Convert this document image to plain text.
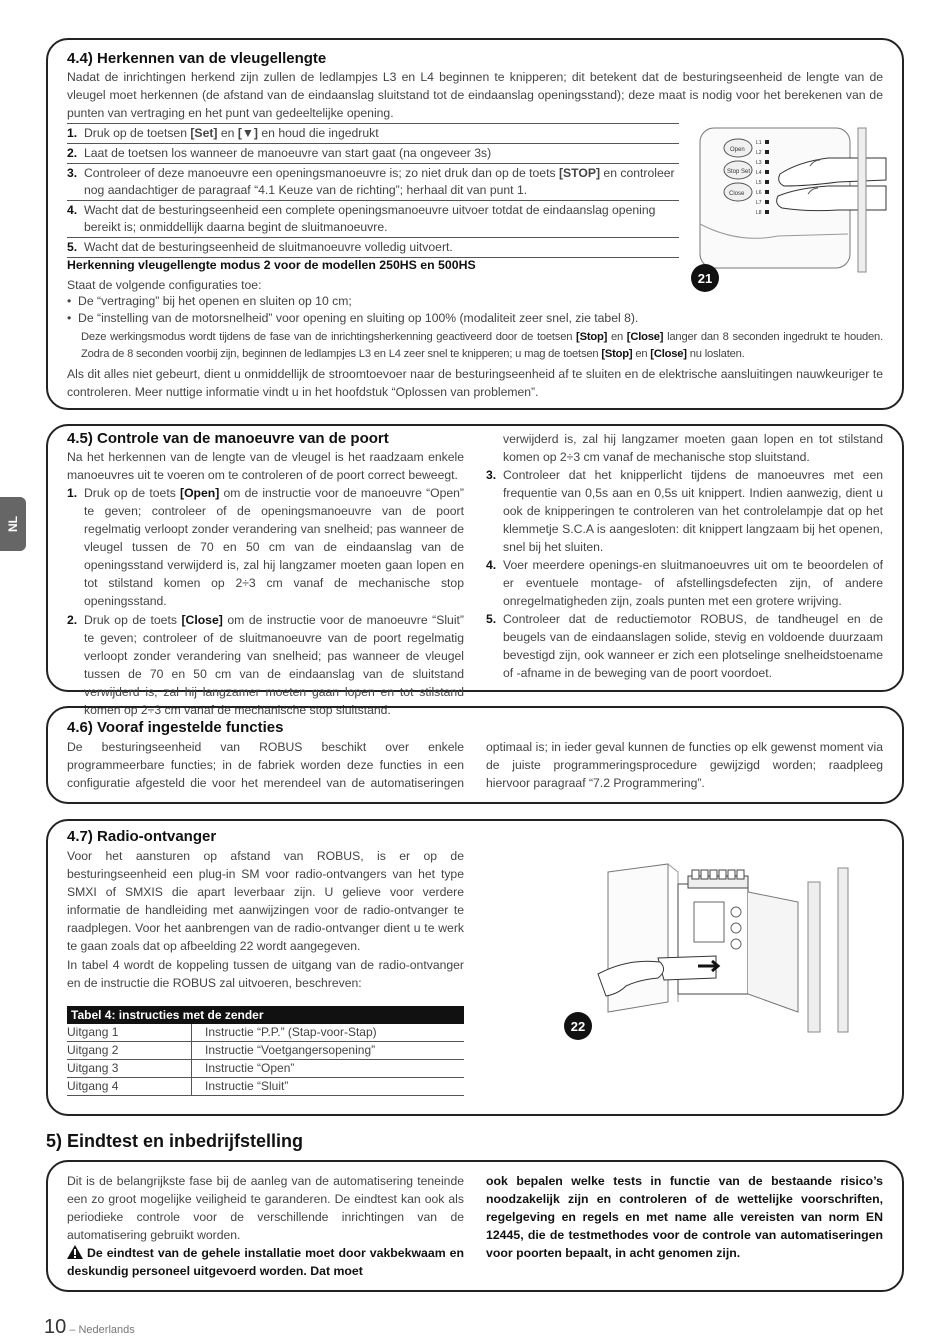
NL
4.4) Herkennen van de vleugellengte
Nadat de inrichtingen herkend zijn zullen de ledlampjes L3 en L4 beginnen te knipperen; dit betekent dat de besturingseenheid de lengte van de vleugel moet herkennen (de afstand van de eindaanslag sluitstand tot de eindaanslag openingsstand); deze maat is nodig voor het berekenen van de punten van vertraging en het punt van gedeeltelijke opening.
1. Druk op de toetsen [Set] en [▼] en houd die ingedrukt
2. Laat de toetsen los wanneer de manoeuvre van start gaat (na ongeveer 3s)
3. Controleer of deze manoeuvre een openingsmanoeuvre is; zo niet druk dan op de toets [STOP] en controleer nog aandachtiger de paragraaf “4.1 Keuze van de richting”; herhaal dit van punt 1.
4. Wacht dat de besturingseenheid een complete openingsmanoeuvre uitvoer totdat de eindaanslag opening bereikt is; onmiddellijk daarna begint de sluitmanoeuvre.
5. Wacht dat de besturingseenheid de sluitmanoeuvre volledig uitvoert.
Open
Stop Set
Close
L1
L2
L3
L4
L5
L6
L7
L8
21
Herkenning vleugellengte modus 2 voor de modellen 250HS en 500HS
Staat de volgende configuraties toe:
•  De “vertraging” bij het openen en sluiten op 10 cm;
•  De “instelling van de motorsnelheid” voor opening en sluiting op 100% (modaliteit zeer snel, zie tabel 8).
Deze werkingsmodus wordt tijdens de fase van de inrichtingsherkenning geactiveerd door de toetsen [Stop] en [Close] langer dan 8 seconden ingedrukt te houden. Zodra de 8 seconden voorbij zijn, beginnen de ledlampjes L3 en L4 zeer snel te knipperen; u mag de toetsen [Stop] en [Close] nu loslaten.
Als dit alles niet gebeurt, dient u onmiddellijk de stroomtoevoer naar de besturingseenheid af te sluiten en de elektrische aansluitingen nauwkeuriger te controleren. Meer nuttige informatie vindt u in het hoofdstuk “Oplossen van problemen”.
4.5) Controle van de manoeuvre van de poort
Na het herkennen van de lengte van de vleugel is het raadzaam enkele manoeuvres uit te voeren om te controleren of de poort correct beweegt.
1. Druk op de toets [Open] om de instructie voor de manoeuvre “Open” te geven; controleer of de openingsmanoeuvre van de poort regelmatig verloopt zonder verandering van snelheid; pas wanneer de vleugel tussen de 70 en 50 cm van de eindaanslag van de openingsstand verwijderd is, zal hij langzamer moeten gaan lopen en tot stilstand komen op 2÷3 cm vanaf de mechanische stop openingsstand.
2. Druk op de toets [Close] om de instructie voor de manoeuvre “Sluit” te geven; controleer of de sluitmanoeuvre van de poort regelmatig verloopt zonder verandering van snelheid; pas wanneer de vleugel tussen de 70 en 50 cm van de eindaanslag van de sluitstand verwijderd is, zal hij langzamer moeten gaan lopen en tot stilstand komen op 2÷3 cm vanaf de mechanische stop sluitstand.
verwijderd is, zal hij langzamer moeten gaan lopen en tot stilstand komen op 2÷3 cm vanaf de mechanische stop sluitstand.
3. Controleer dat het knipperlicht tijdens de manoeuvres met een frequentie van 0,5s aan en 0,5s uit knippert. Indien aanwezig, dient u ook de knipperingen te controleren van het controlelampje dat op het klemmetje S.C.A is aangesloten: dit knippert langzaam bij het openen, snel bij het sluiten.
4. Voer meerdere openings-en sluitmanoeuvres uit om te beoordelen of er eventuele montage- of afstellingsdefecten zijn, of andere onregelmatigheden zijn, zoals punten met een grotere wrijving.
5. Controleer dat de reductiemotor ROBUS, de tandheugel en de beugels van de eindaanslagen solide, stevig en voldoende duurzaam bevestigd zijn, ook wanneer er zich een plotselinge snelheidstoename of -afname in de beweging van de poort voordoet.
4.6) Vooraf ingestelde functies
De besturingseenheid van ROBUS beschikt over enkele programmeerbare functies; in de fabriek worden deze functies in een configuratie afgesteld die voor het merendeel van de automatiseringen optimaal is; in ieder geval kunnen de functies op elk gewenst moment via de juiste programmeringsprocedure gewijzigd worden; raadpleeg hiervoor paragraaf “7.2 Programmering”.
4.7) Radio-ontvanger
Voor het aansturen op afstand van ROBUS, is er op de besturingseenheid een plug-in SM voor radio-ontvangers van het type SMXI of SMXIS die apart leverbaar zijn. U gelieve voor verdere informatie de handleiding met aanwijzingen voor de radio-ontvanger te raadplegen. Voor het aanbrengen van de radio-ontvanger dient u te werk te gaan zoals dat op afbeelding 22 wordt aangegeven.
In tabel 4 wordt de koppeling tussen de uitgang van de radio-ontvanger en de instructie die ROBUS zal uitvoeren, beschreven:
Tabel 4: instructies met de zender	
Uitgang 1	Instructie “P.P.” (Stap-voor-Stap)
Uitgang 2	Instructie “Voetgangersopening”
Uitgang 3	Instructie “Open”
Uitgang 4	Instructie “Sluit”
22
5) Eindtest en inbedrijfstelling
Dit is de belangrijkste fase bij de aanleg van de automatisering teneinde een zo groot mogelijke veiligheid te garanderen. De eindtest kan ook als periodieke controle voor de verschillende inrichtingen van de automatisering gebruikt worden.
De eindtest van de gehele installatie moet door vakbekwaam en deskundig personeel uitgevoerd worden. Dat moet
ook bepalen welke tests in functie van de bestaande risico’s noodzakelijk zijn en controleren of de wettelijke voorschriften, regelgeving en regels en met name alle vereisten van norm EN 12445, die de testmethodes voor de controle van automatiseringen voor poorten bepaalt, in acht genomen zijn.
10 – Nederlands
